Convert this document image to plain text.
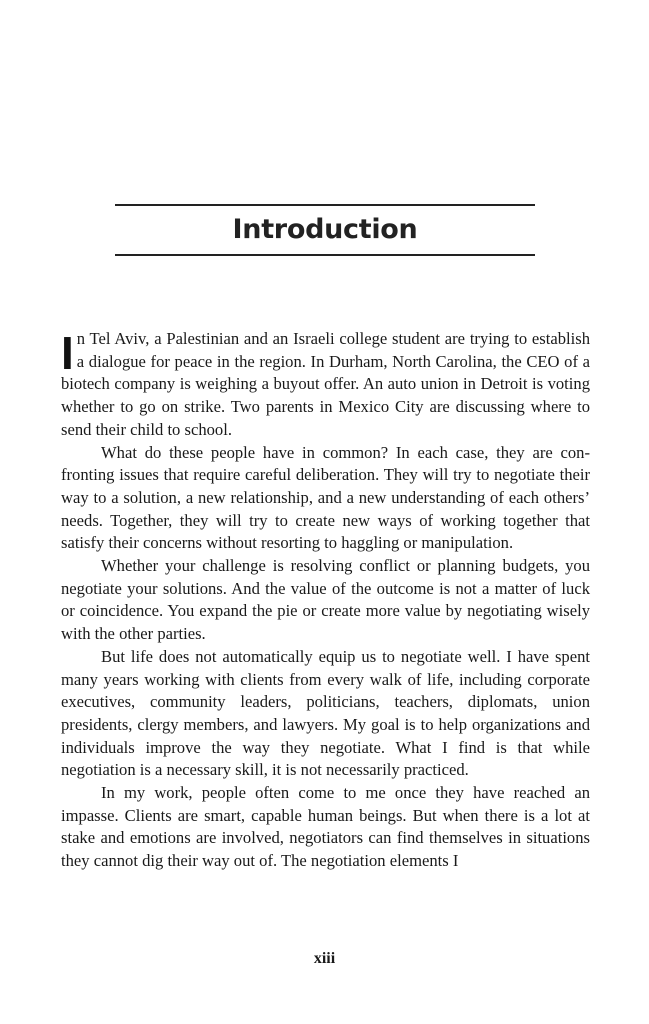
Introduction

In Tel Aviv, a Palestinian and an Israeli college student are trying to establish a dialogue for peace in the region. In Durham, North Carolina, the CEO of a biotech company is weighing a buyout offer. An auto union in Detroit is voting whether to go on strike. Two parents in Mexico City are discussing where to send their child to school.

What do these people have in common? In each case, they are confronting issues that require careful deliberation. They will try to negotiate their way to a solution, a new relationship, and a new understanding of each others’ needs. Together, they will try to create new ways of working together that satisfy their concerns without resorting to haggling or manipulation.

Whether your challenge is resolving conflict or planning budgets, you negotiate your solutions. And the value of the outcome is not a matter of luck or coincidence. You expand the pie or create more value by negotiating wisely with the other parties.

But life does not automatically equip us to negotiate well. I have spent many years working with clients from every walk of life, including corporate executives, community leaders, politicians, teachers, diplomats, union presidents, clergy members, and lawyers. My goal is to help organizations and individuals improve the way they negotiate. What I find is that while negotiation is a necessary skill, it is not necessarily practiced.

In my work, people often come to me once they have reached an impasse. Clients are smart, capable human beings. But when there is a lot at stake and emotions are involved, negotiators can find themselves in situations they cannot dig their way out of. The negotiation elements I

xiii
